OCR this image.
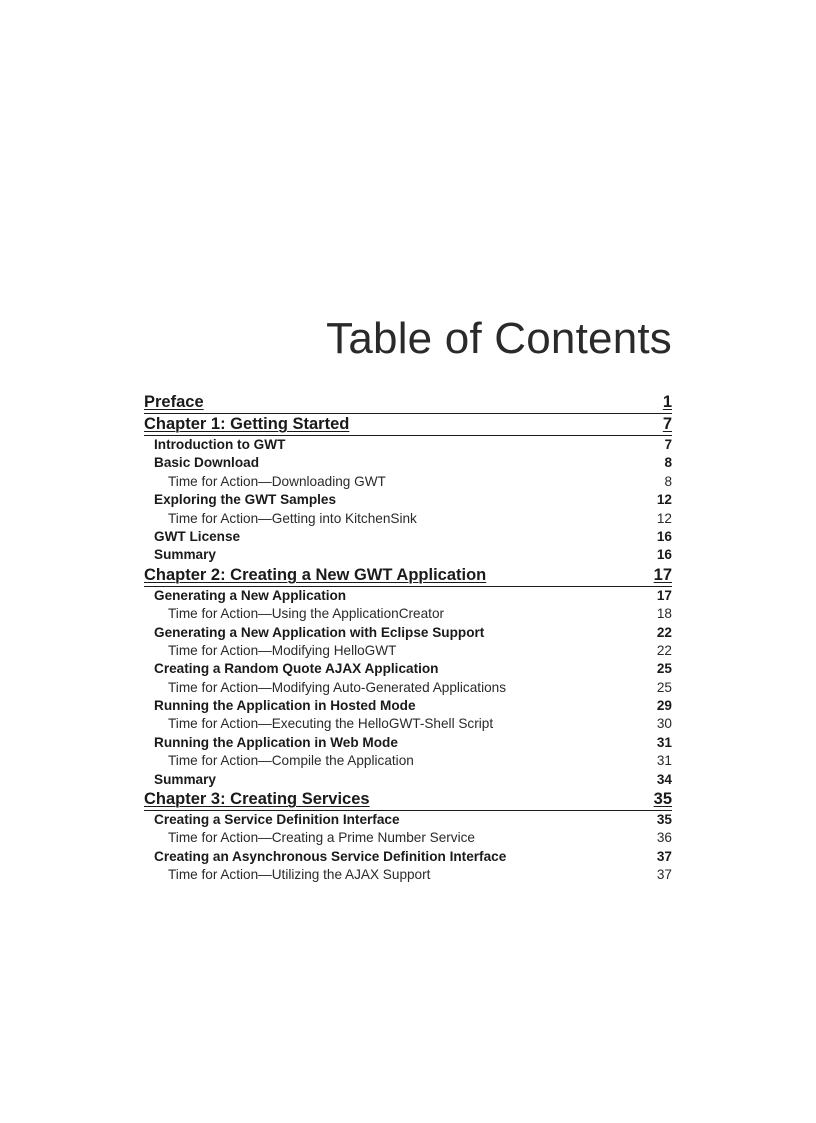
Table of Contents
Preface	1
Chapter 1: Getting Started	7
Introduction to GWT	7
Basic Download	8
Time for Action—Downloading GWT	8
Exploring the GWT Samples	12
Time for Action—Getting into KitchenSink	12
GWT License	16
Summary	16
Chapter 2: Creating a New GWT Application	17
Generating a New Application	17
Time for Action—Using the ApplicationCreator	18
Generating a New Application with Eclipse Support	22
Time for Action—Modifying HelloGWT	22
Creating a Random Quote AJAX Application	25
Time for Action—Modifying Auto-Generated Applications	25
Running the Application in Hosted Mode	29
Time for Action—Executing the HelloGWT-Shell Script	30
Running the Application in Web Mode	31
Time for Action—Compile the Application	31
Summary	34
Chapter 3: Creating Services	35
Creating a Service Definition Interface	35
Time for Action—Creating a Prime Number Service	36
Creating an Asynchronous Service Definition Interface	37
Time for Action—Utilizing the AJAX Support	37
